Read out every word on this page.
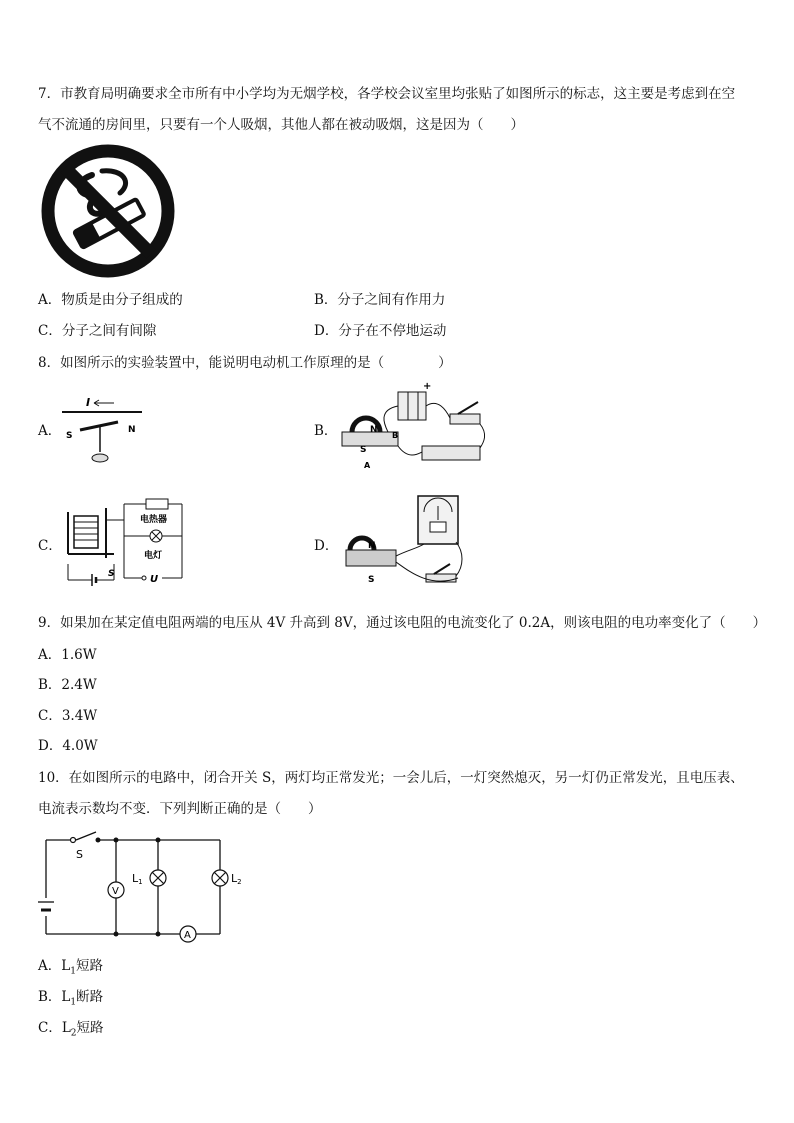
7．市教育局明确要求全市所有中小学均为无烟学校，各学校会议室里均张贴了如图所示的标志，这主要是考虑到在空
气不流通的房间里，只要有一个人吸烟，其他人都在被动吸烟，这是因为（　　）
A．物质是由分子组成的	B．分子之间有作用力
C．分子之间有间隙	D．分子在不停地运动
8．如图所示的实验装置中，能说明电动机工作原理的是（　　　　）
A．
I
S
N	B．
+
N
S
B
A
C．
电热器
电灯
S	U
D．	N
S
9．如果加在某定值电阻两端的电压从 4V 升高到 8V，通过该电阻的电流变化了 0.2A，则该电阻的电功率变化了（　　）
A．1.6W
B．2.4W
C．3.4W
D．4.0W
10．在如图所示的电路中，闭合开关 S，两灯均正常发光；一会儿后，一灯突然熄灭，另一灯仍正常发光，且电压表、
电流表示数均不变．下列判断正确的是（　　）
S
V
L1	L2
A
A．$L_1$短路
B．$L_1$断路
C．$L_2$短路
